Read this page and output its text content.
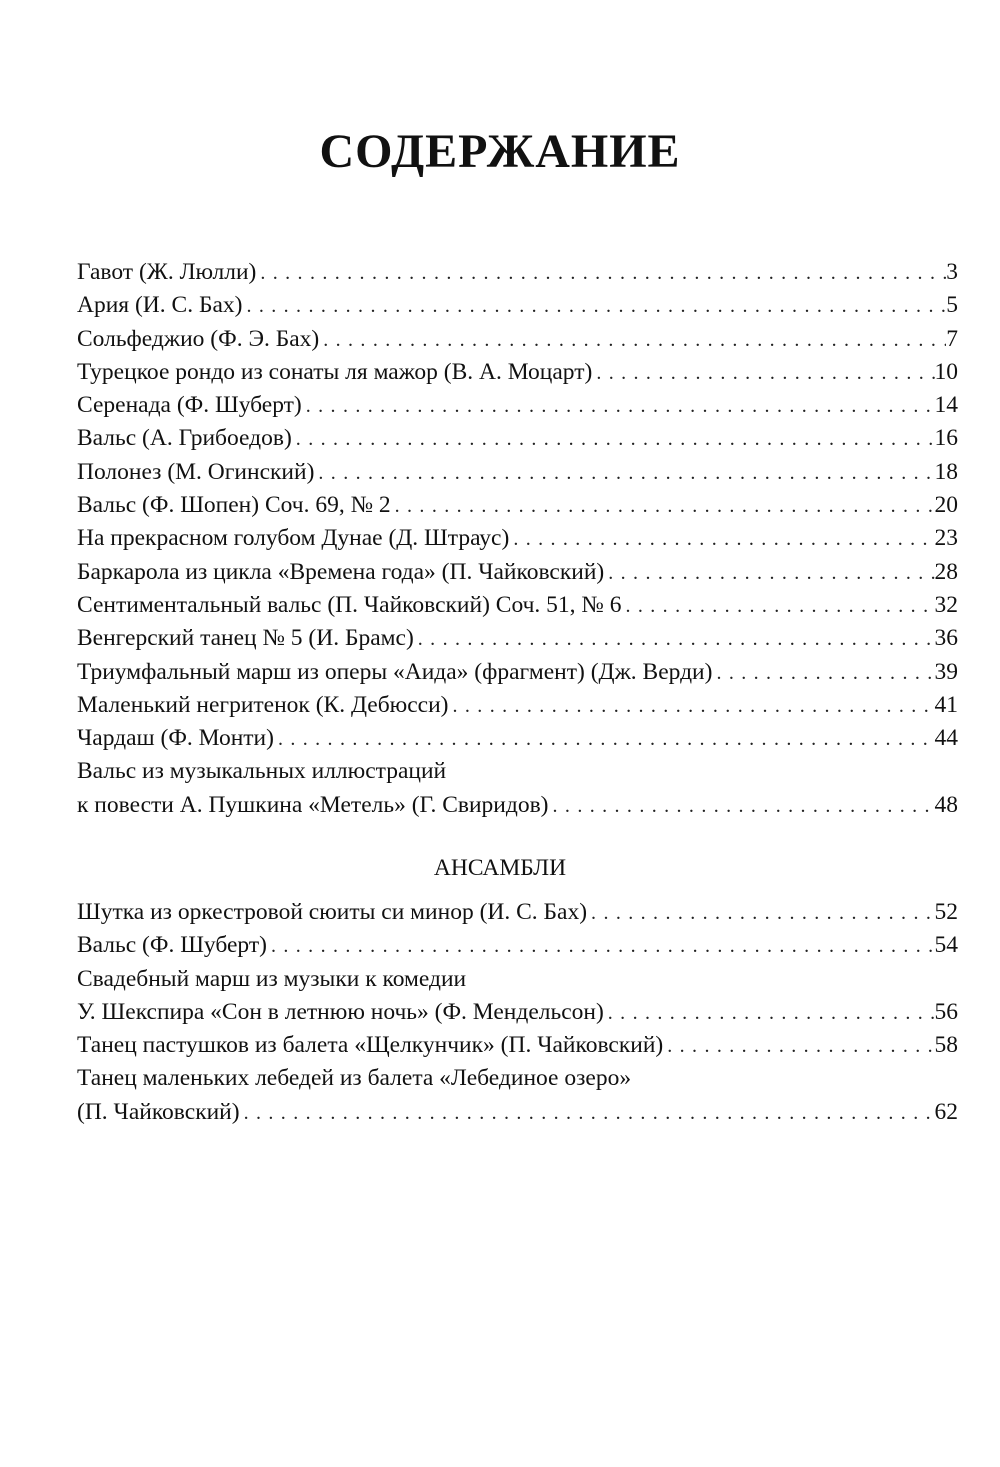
СОДЕРЖАНИЕ
Гавот (Ж. Люлли) . . .	3
Ария (И. С. Бах) . . .	5
Сольфеджио (Ф. Э. Бах) . . .	7
Турецкое рондо из сонаты ля мажор (В. А. Моцарт) . . .	10
Серенада (Ф. Шуберт) . . .	14
Вальс (А. Грибоедов) . . .	16
Полонез (М. Огинский) . . .	18
Вальс (Ф. Шопен) Соч. 69, № 2 . . .	20
На прекрасном голубом Дунае (Д. Штраус) . . .	23
Баркарола из цикла «Времена года» (П. Чайковский) . . .	28
Сентиментальный вальс (П. Чайковский) Соч. 51, № 6 . . .	32
Венгерский танец № 5 (И. Брамс) . . .	36
Триумфальный марш из оперы «Аида» (фрагмент) (Дж. Верди) . . .	39
Маленький негритенок (К. Дебюсси) . . .	41
Чардаш (Ф. Монти) . . .	44
Вальс из музыкальных иллюстраций
к повести А. Пушкина «Метель» (Г. Свиридов) . . .	48
АНСАМБЛИ
Шутка из оркестровой сюиты си минор (И. С. Бах) . . .	52
Вальс (Ф. Шуберт) . . .	54
Свадебный марш из музыки к комедии
У. Шекспира «Сон в летнюю ночь» (Ф. Мендельсон) . . .	56
Танец пастушков из балета «Щелкунчик» (П. Чайковский) . . .	58
Танец маленьких лебедей из балета «Лебединое озеро»
(П. Чайковский) . . .	62
